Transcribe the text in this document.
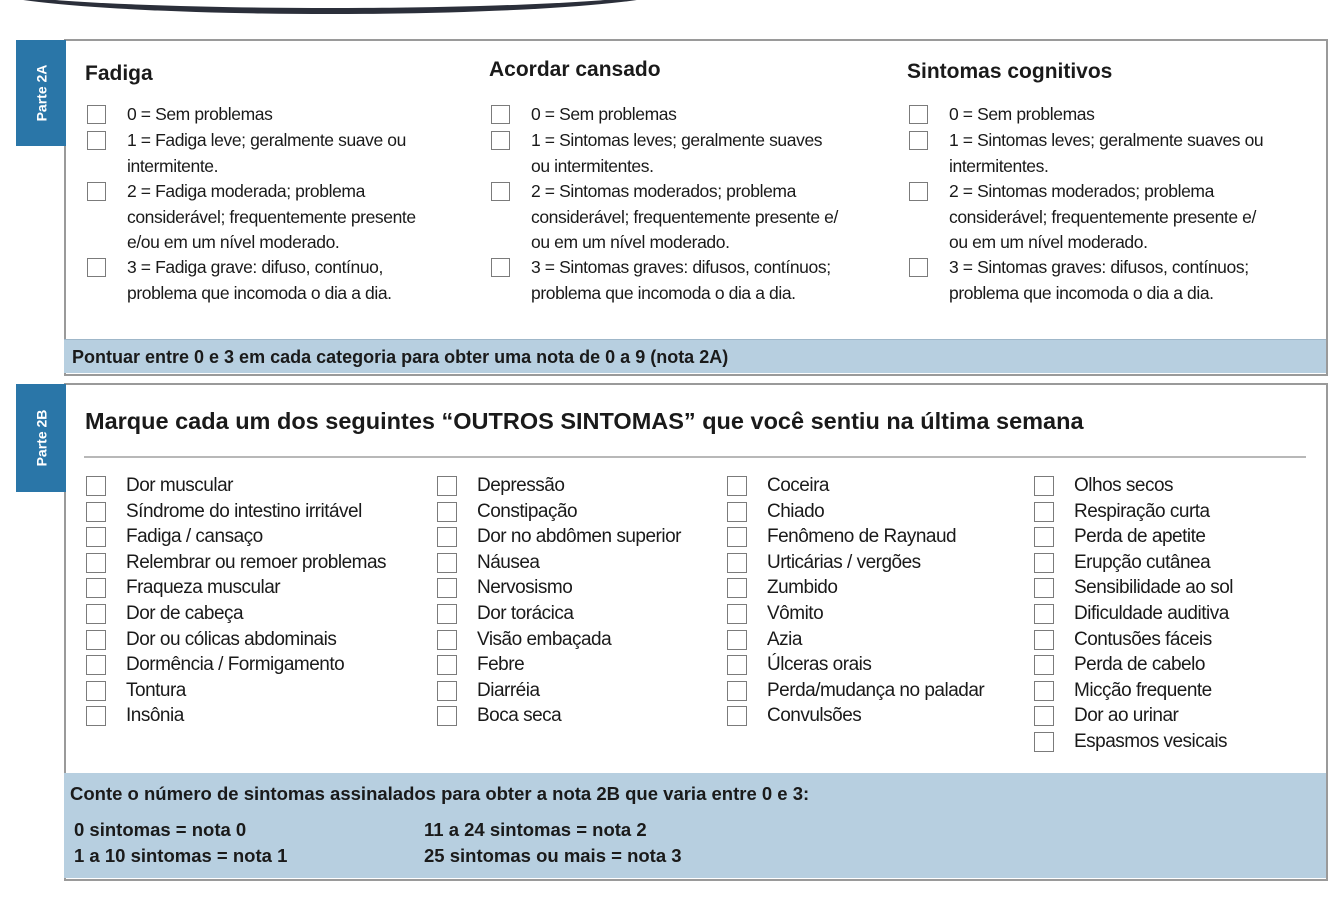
Parte 2A Fadiga
0 = Sem problemas
1 = Fadiga leve; geralmente suave ou
intermitente.
2 = Fadiga moderada; problema
considerável; frequentemente presente
e/ou em um nível moderado.
3 = Fadiga grave: difuso, contínuo,
problema que incomoda o dia a dia.
Acordar cansado
0 = Sem problemas
1 = Sintomas leves; geralmente suaves
ou intermitentes.
2 = Sintomas moderados; problema
considerável; frequentemente presente e/
ou em um nível moderado.
3 = Sintomas graves: difusos, contínuos;
problema que incomoda o dia a dia.
Sintomas cognitivos
0 = Sem problemas
1 = Sintomas leves; geralmente suaves ou
intermitentes.
2 = Sintomas moderados; problema
considerável; frequentemente presente e/
ou em um nível moderado.
3 = Sintomas graves: difusos, contínuos;
problema que incomoda o dia a dia.
Pontuar entre 0 e 3 em cada categoria para obter uma nota de 0 a 9 (nota 2A)
Parte 2B Marque cada um dos seguintes “OUTROS SINTOMAS” que você sentiu na última semana
Dor muscular
Síndrome do intestino irritável
Fadiga / cansaço
Relembrar ou remoer problemas
Fraqueza muscular
Dor de cabeça
Dor ou cólicas abdominais
Dormência / Formigamento
Tontura
Insônia
Depressão
Constipação
Dor no abdômen superior
Náusea
Nervosismo
Dor torácica
Visão embaçada
Febre
Diarréia
Boca seca
Coceira
Chiado
Fenômeno de Raynaud
Urticárias / vergões
Zumbido
Vômito
Azia
Úlceras orais
Perda/mudança no paladar
Convulsões
Olhos secos
Respiração curta
Perda de apetite
Erupção cutânea
Sensibilidade ao sol
Dificuldade auditiva
Contusões fáceis
Perda de cabelo
Micção frequente
Dor ao urinar
Espasmos vesicais
Conte o número de sintomas assinalados para obter a nota 2B que varia entre 0 e 3:
0 sintomas = nota 0
1 a 10 sintomas = nota 1
11 a 24 sintomas = nota 2
25 sintomas ou mais = nota 3
